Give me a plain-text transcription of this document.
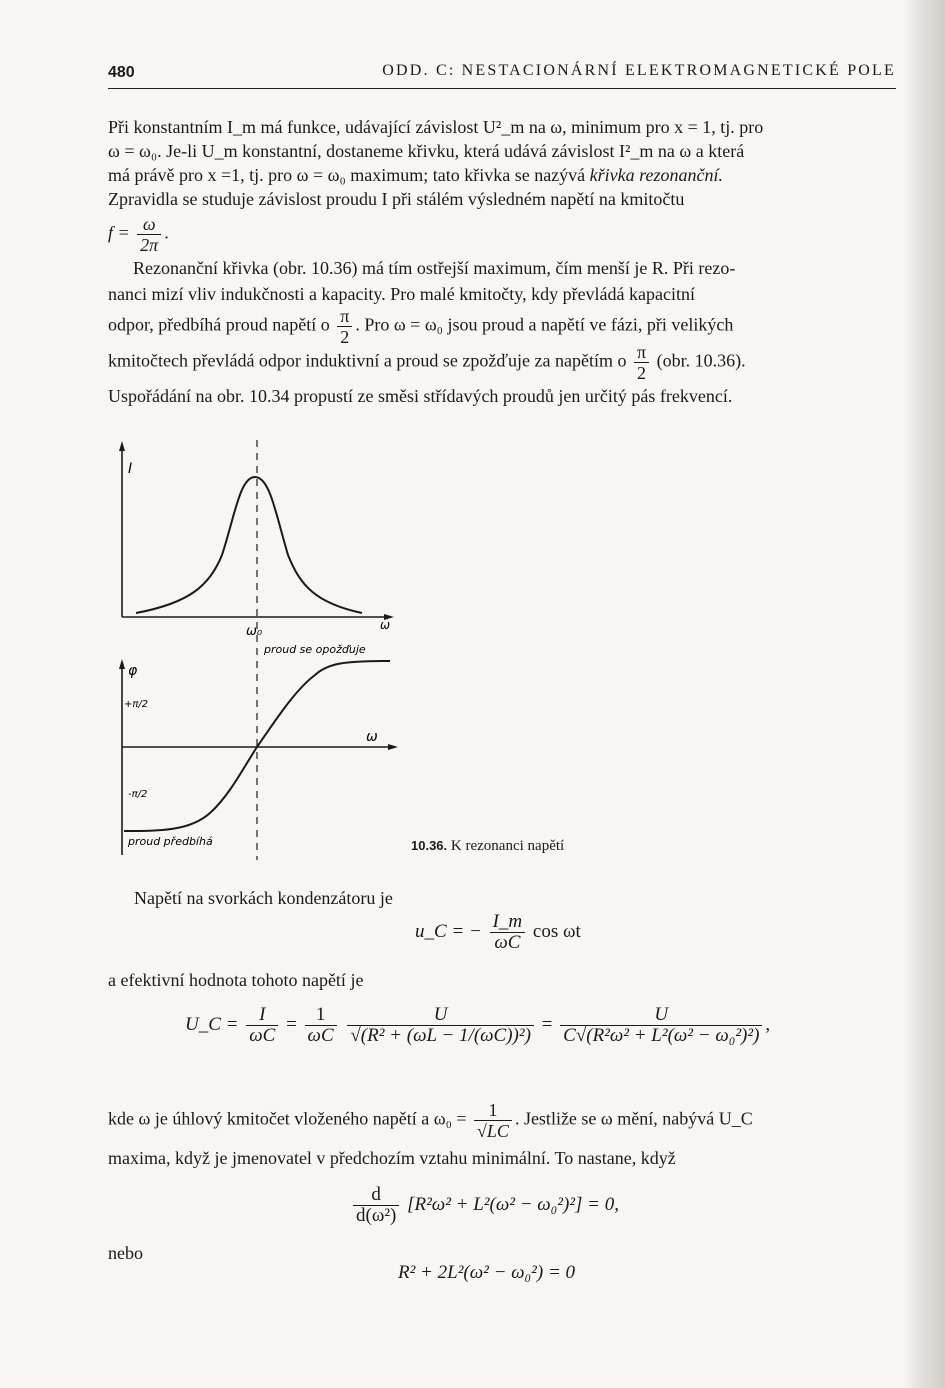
480	ODD. C: NESTACIONÁRNÍ ELEKTROMAGNETICKÉ POLE
Při konstantním I_m má funkce, udávající závislost U²_m na ω, minimum pro x = 1, tj. pro
ω = ω₀. Je-li U_m konstantní, dostaneme křivku, která udává závislost I²_m na ω a která
má právě pro x =1, tj. pro ω = ω₀ maximum; tato křivka se nazývá křivka rezonanční.
Zpravidla se studuje závislost proudu I při stálém výsledném napětí na kmitočtu
$f = \frac{\omega}{2\pi}$ .
Rezonanční křivka (obr. 10.36) má tím ostřejší maximum, čím menší je R. Při rezo-
nanci mizí vliv indukčnosti a kapacity. Pro malé kmitočty, kdy převládá kapacitní
odpor, předbíhá proud napětí o $\frac{\pi}{2}$ . Pro ω = ω₀ jsou proud a napětí ve fázi, při velikých
kmitočtech převládá odpor induktivní a proud se zpožďuje za napětím o $\frac{\pi}{2} (obr$. 10.36).
Uspořádání na obr. 10.34 propustí ze směsi střídavých proudů jen určitý pás frekvencí.
I
ω
ω₀
proud se opožďuje
φ
ω
+π/2
-π/2
proud předbíhá	10.36. K rezonanci napětí
Napětí na svorkách kondenzátoru je
u_C = − $\frac{I\_m}{\omega C}$ cos ωt
a efektivní hodnota tohoto napětí je
U_C = $\frac{I}{\omega C} = \frac{1}{\omega C}$
$\frac{U}{\text{√(R² + (ωL − 1/(ωC))²)}} = \frac{U}{\text{C√(R²ω² + L²(ω² − ω₀²)²)}}$ ,
kde ω je úhlový kmitočet vloženého napětí a $\omega_0 = \frac{1}{√LC}$ . Jestliže se ω mění, nabývá U_C
maxima, když je jmenovatel v předchozím vztahu minimální. To nastane, když
$\frac{d}{\text{d(ω²)}} [R^2\omega^2 + L^2(\omega^2 - \omega_0^2)^2] = 0$,
nebo
R² + 2L²(ω² − ω₀²) = 0
